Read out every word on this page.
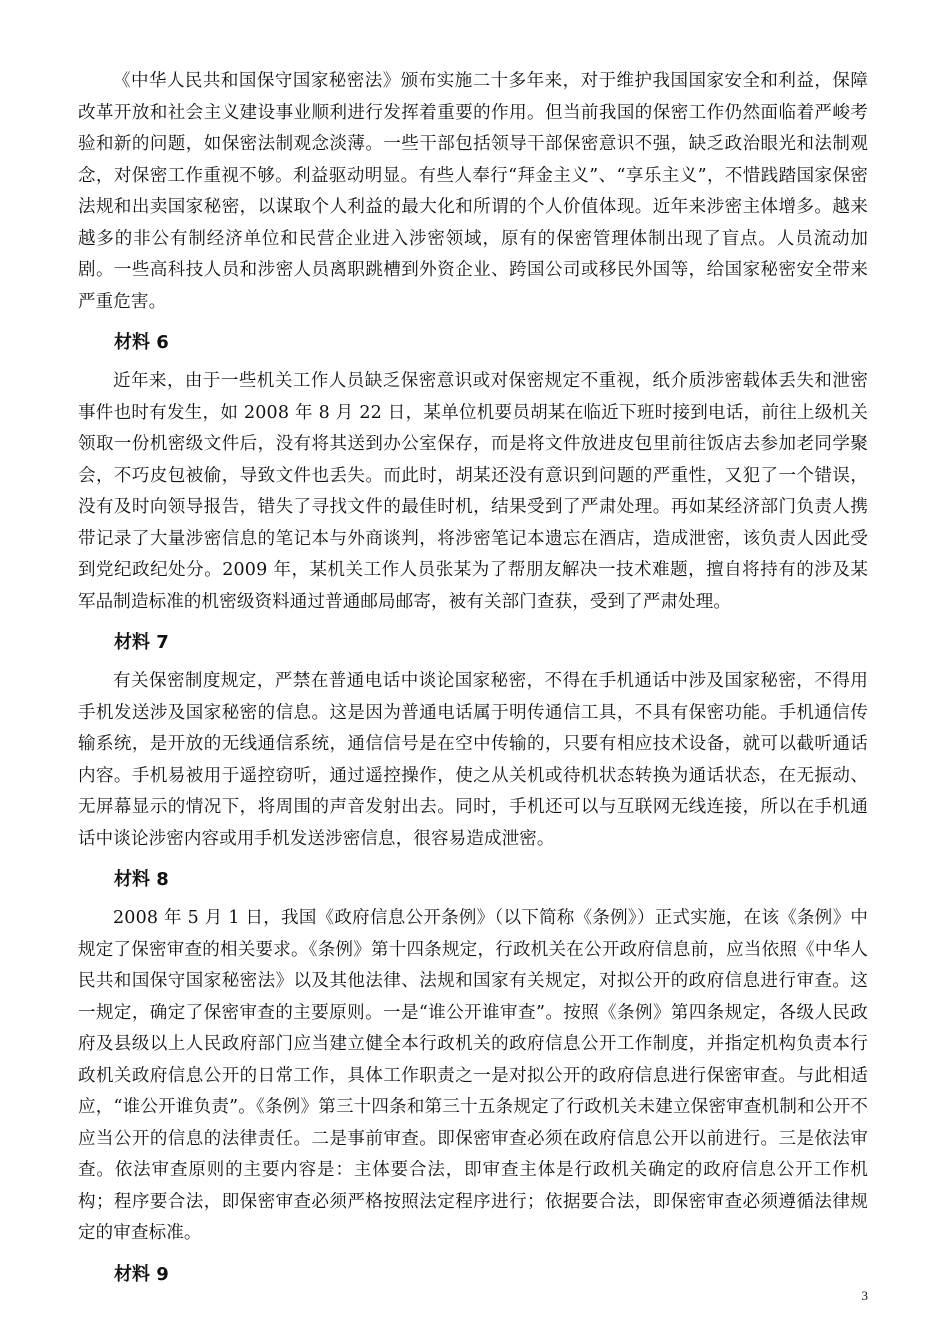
《中华人民共和国保守国家秘密法》颁布实施二十多年来，对于维护我国国家安全和利益，保障改革开放和社会主义建设事业顺利进行发挥着重要的作用。但当前我国的保密工作仍然面临着严峻考验和新的问题，如保密法制观念淡薄。一些干部包括领导干部保密意识不强，缺乏政治眼光和法制观念，对保密工作重视不够。利益驱动明显。有些人奉行“拜金主义”、“享乐主义”，不惜践踏国家保密法规和出卖国家秘密，以谋取个人利益的最大化和所谓的个人价值体现。近年来涉密主体增多。越来越多的非公有制经济单位和民营企业进入涉密领域，原有的保密管理体制出现了盲点。人员流动加剧。一些高科技人员和涉密人员离职跳槽到外资企业、跨国公司或移民外国等，给国家秘密安全带来严重危害。

材料 6

近年来，由于一些机关工作人员缺乏保密意识或对保密规定不重视，纸介质涉密载体丢失和泄密事件也时有发生，如 2008 年 8 月 22 日，某单位机要员胡某在临近下班时接到电话，前往上级机关领取一份机密级文件后，没有将其送到办公室保存，而是将文件放进皮包里前往饭店去参加老同学聚会，不巧皮包被偷，导致文件也丢失。而此时，胡某还没有意识到问题的严重性，又犯了一个错误，没有及时向领导报告，错失了寻找文件的最佳时机，结果受到了严肃处理。再如某经济部门负责人携带记录了大量涉密信息的笔记本与外商谈判，将涉密笔记本遗忘在酒店，造成泄密，该负责人因此受到党纪政纪处分。2009 年，某机关工作人员张某为了帮朋友解决一技术难题，擅自将持有的涉及某军品制造标准的机密级资料通过普通邮局邮寄，被有关部门查获，受到了严肃处理。

材料 7

有关保密制度规定，严禁在普通电话中谈论国家秘密，不得在手机通话中涉及国家秘密，不得用手机发送涉及国家秘密的信息。这是因为普通电话属于明传通信工具，不具有保密功能。手机通信传输系统，是开放的无线通信系统，通信信号是在空中传输的，只要有相应技术设备，就可以截听通话内容。手机易被用于遥控窃听，通过遥控操作，使之从关机或待机状态转换为通话状态，在无振动、无屏幕显示的情况下，将周围的声音发射出去。同时，手机还可以与互联网无线连接，所以在手机通话中谈论涉密内容或用手机发送涉密信息，很容易造成泄密。

材料 8

2008 年 5 月 1 日，我国《政府信息公开条例》（以下简称《条例》）正式实施，在该《条例》中规定了保密审查的相关要求。《条例》第十四条规定，行政机关在公开政府信息前，应当依照《中华人民共和国保守国家秘密法》以及其他法律、法规和国家有关规定，对拟公开的政府信息进行审查。这一规定，确定了保密审查的主要原则。一是“谁公开谁审查”。按照《条例》第四条规定，各级人民政府及县级以上人民政府部门应当建立健全本行政机关的政府信息公开工作制度，并指定机构负责本行政机关政府信息公开的日常工作，具体工作职责之一是对拟公开的政府信息进行保密审查。与此相适应，“谁公开谁负责”。《条例》第三十四条和第三十五条规定了行政机关未建立保密审查机制和公开不应当公开的信息的法律责任。二是事前审查。即保密审查必须在政府信息公开以前进行。三是依法审查。依法审查原则的主要内容是：主体要合法，即审查主体是行政机关确定的政府信息公开工作机构；程序要合法，即保密审查必须严格按照法定程序进行；依据要合法，即保密审查必须遵循法律规定的审查标准。

材料 9
3
